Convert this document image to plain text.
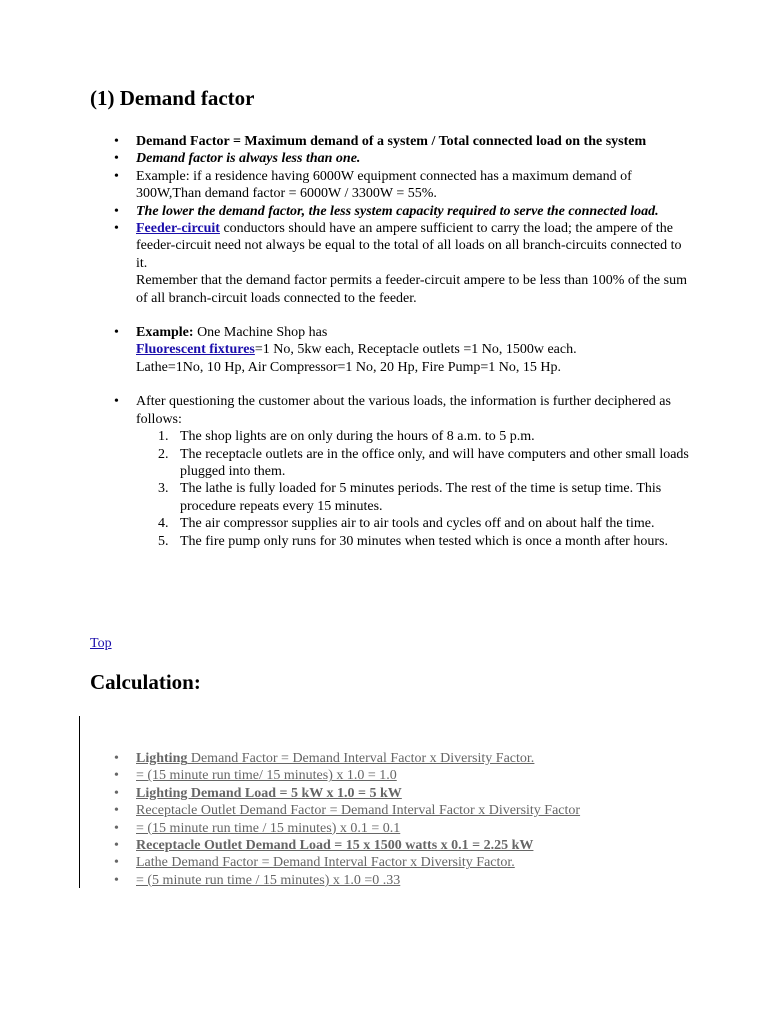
(1) Demand factor
• Demand Factor = Maximum demand of a system / Total connected load on the system
• Demand factor is always less than one.
• Example: if a residence having 6000W equipment connected has a maximum demand of 300W,Than demand factor = 6000W / 3300W = 55%.
• The lower the demand factor, the less system capacity required to serve the connected load.
• Feeder-circuit conductors should have an ampere sufficient to carry the load; the ampere of the feeder-circuit need not always be equal to the total of all loads on all branch-circuits connected to it.
Remember that the demand factor permits a feeder-circuit ampere to be less than 100% of the sum of all branch-circuit loads connected to the feeder.
• Example: One Machine Shop has
Fluorescent fixtures=1 No, 5kw each, Receptacle outlets =1 No, 1500w each.
Lathe=1No, 10 Hp, Air Compressor=1 No, 20 Hp, Fire Pump=1 No, 15 Hp.
• After questioning the customer about the various loads, the information is further deciphered as follows:
1. The shop lights are on only during the hours of 8 a.m. to 5 p.m.
2. The receptacle outlets are in the office only, and will have computers and other small loads plugged into them.
3. The lathe is fully loaded for 5 minutes periods. The rest of the time is setup time. This procedure repeats every 15 minutes.
4. The air compressor supplies air to air tools and cycles off and on about half the time.
5. The fire pump only runs for 30 minutes when tested which is once a month after hours.
Top
Calculation:
• Lighting Demand Factor = Demand Interval Factor x Diversity Factor.
• = (15 minute run time/ 15 minutes) x 1.0 = 1.0
• Lighting Demand Load = 5 kW x 1.0 = 5 kW
• Receptacle Outlet Demand Factor = Demand Interval Factor x Diversity Factor
• = (15 minute run time / 15 minutes) x 0.1 = 0.1
• Receptacle Outlet Demand Load = 15 x 1500 watts x 0.1 = 2.25 kW
• Lathe Demand Factor = Demand Interval Factor x Diversity Factor.
• = (5 minute run time / 15 minutes) x 1.0 =0 .33
